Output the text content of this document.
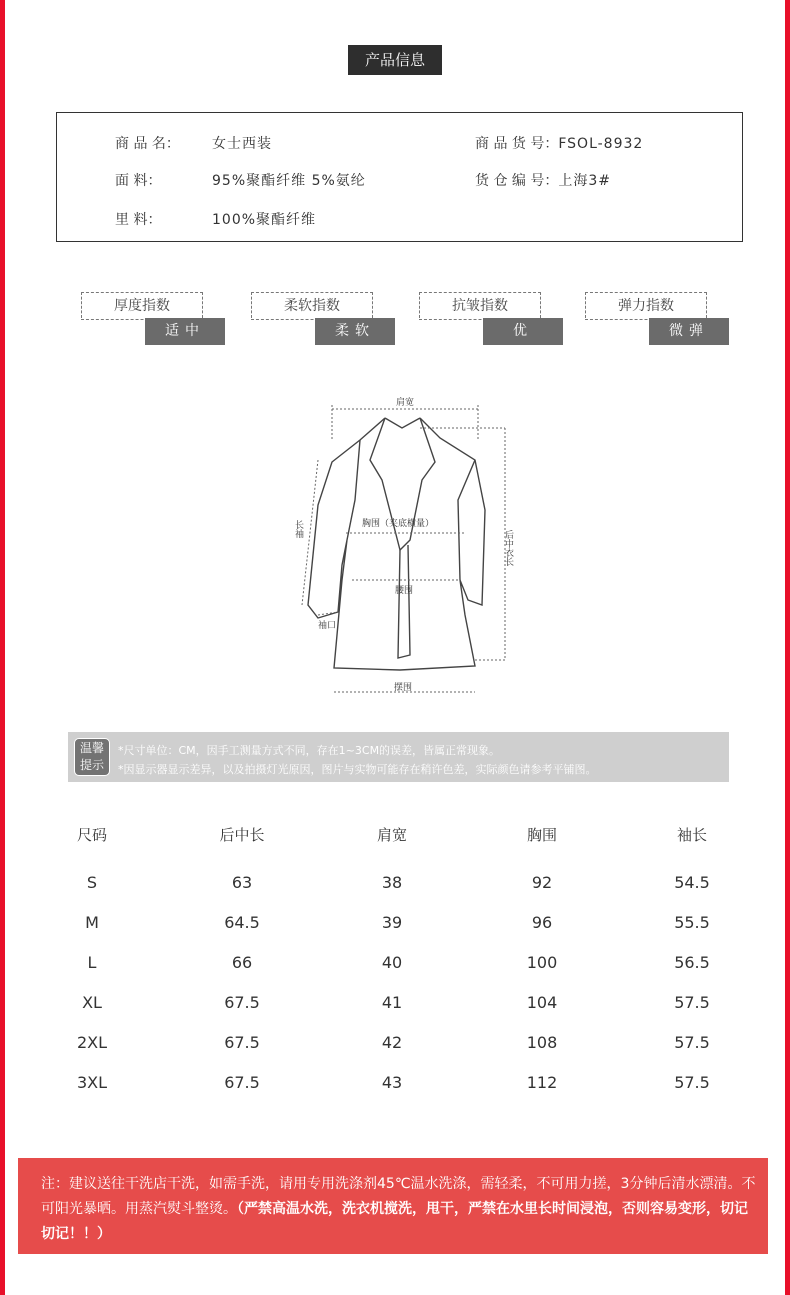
产品信息
商 品 名： 女士西装	商 品 货 号：FSOL-8932
面 料：	95%聚酯纤维 5%氨纶	货 仓 编 号：上海3#
里 料：	100%聚酯纤维
厚度指数
适中
柔软指数
柔软
抗皱指数
优
弹力指数
微弹
肩宽
胸围（夹底横量）
腰围
袖口
摆围
长袖
后中衣长
温馨
提示
*尺寸单位：CM，因手工测量方式不同，存在1~3CM的误差，皆属正常现象。
*因显示器显示差异，以及拍摄灯光原因，图片与实物可能存在稍许色差，实际颜色请参考平铺图。
尺码	后中长	肩宽	胸围	袖长
S	63	38	92	54.5
M	64.5	39	96	55.5
L	66	40	100	56.5
XL	67.5	41	104	57.5
2XL	67.5	42	108	57.5
3XL	67.5	43	112	57.5
注：建议送往干洗店干洗，如需手洗，请用专用洗涤剂45℃温水洗涤，需轻柔，不可用力搓，3分钟后清水漂清。不可阳光暴晒。用蒸汽熨斗整烫。（严禁高温水洗，洗衣机搅洗，甩干，严禁在水里长时间浸泡，否则容易变形，切记切记！！）
